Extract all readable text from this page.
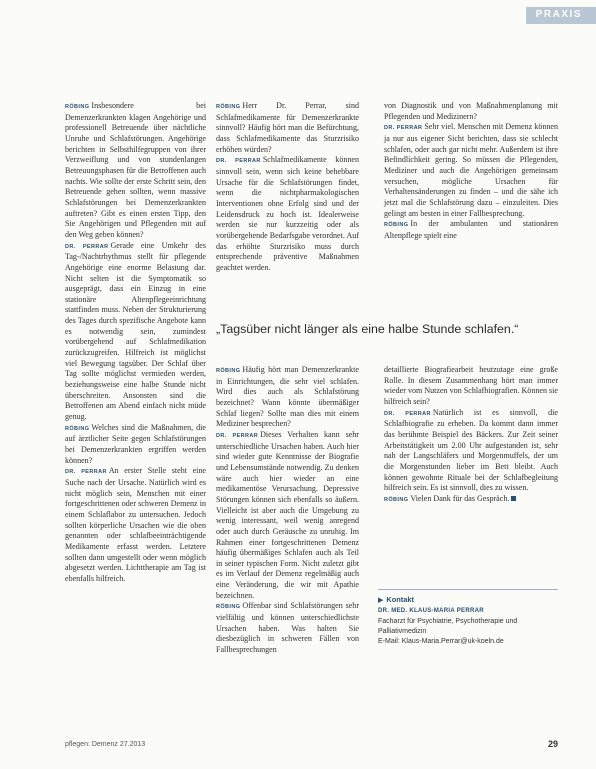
PRAXIS

RÖBING Insbesondere bei Demenzerkrankten klagen Angehörige und professionell Betreuende über nächtliche Unruhe und Schlafstörungen. Angehörige berichten in Selbsthilfegruppen von ihrer Verzweiflung und von stundenlangen Betreuungsphasen für die Betroffenen auch nachts. Wie sollte der erste Schritt sein, den Betreuende gehen sollten, wenn massive Schlafstörungen bei Demenzerkrankten auftreten? Gibt es einen ersten Tipp, den Sie Angehörigen und Pflegenden mit auf den Weg geben können?

DR. PERRAR Gerade eine Umkehr des Tag-/Nachtrhythmus stellt für pflegende Angehörige eine enorme Belastung dar. Nicht selten ist die Symptomatik so ausgeprägt, dass ein Einzug in eine stationäre Altenpflegeeinrichtung stattfinden muss. Neben der Strukturierung des Tages durch spezifische Angebote kann es notwendig sein, zumindest vorübergehend auf Schlafmedikation zurückzugreifen. Hilfreich ist möglichst viel Bewegung tagsüber. Der Schlaf über Tag sollte möglichst vermieden werden, beziehungsweise eine halbe Stunde nicht überschreiten. Ansonsten sind die Betroffenen am Abend einfach nicht müde genug.

RÖBING Welches sind die Maßnahmen, die auf ärztlicher Seite gegen Schlafstörungen bei Demenzerkrankten ergriffen werden können?

DR. PERRAR An erster Stelle steht eine Suche nach der Ursache. Natürlich wird es nicht möglich sein, Menschen mit einer fortgeschrittenen oder schweren Demenz in einem Schlaflabor zu untersuchen. Jedoch sollten körperliche Ursachen wie die oben genannten oder schlafbeeinträchtigende Medikamente erfasst werden. Letztere sollten dann umgestellt oder wenn möglich abgesetzt werden. Lichttherapie am Tag ist ebenfalls hilfreich.

RÖBING Herr Dr. Perrar, sind Schlafmedikamente für Demenzerkrankte sinnvoll? Häufig hört man die Befürchtung, dass Schlafmedikamente das Sturzrisiko erhöhen würden?

DR. PERRAR Schlafmedikamente können sinnvoll sein, wenn sich keine behebbare Ursache für die Schlafstörungen findet, wenn die nichtpharmakologischen Interventionen ohne Erfolg sind und der Leidensdruck zu hoch ist. Idealerweise werden sie nur kurzzeitig oder als vorübergehende Bedarfsgabe verordnet. Auf das erhöhte Sturzrisiko muss durch entsprechende präventive Maßnahmen geachtet werden.

von Diagnostik und von Maßnahmenplanung mit Pflegenden und Medizinern?

DR. PERRAR Sehr viel. Menschen mit Demenz können ja nur aus eigener Sicht berichten, dass sie schlecht schlafen, oder auch gar nicht mehr. Außerdem ist ihre Befindlichkeit gering. So müssen die Pflegenden, Mediziner und auch die Angehörigen gemeinsam versuchen, mögliche Ursachen für Verhaltensänderungen zu finden – und die sähe ich jetzt mal die Schlafstörung dazu – einzuleiten. Dies gelingt am besten in einer Fallbesprechung.

RÖBING In der ambulanten und stationären Altenpflege spielt eine

„Tagsüber nicht länger als eine halbe Stunde schlafen.“

RÖBING Häufig hört man Demenzerkrankte in Einrichtungen, die sehr viel schlafen. Wird dies auch als Schlafstörung bezeichnet? Wann könnte übermäßiger Schlaf liegen? Sollte man dies mit einem Mediziner besprechen?

DR. PERRAR Dieses Verhalten kann sehr unterschiedliche Ursachen haben. Auch hier sind wieder gute Kenntnisse der Biografie und Lebensumstände notwendig. Zu denken wäre auch hier wieder an eine medikamentöse Verursachung. Depressive Störungen können sich ebenfalls so äußern. Vielleicht ist aber auch die Umgebung zu wenig interessant, weil wenig anregend oder auch durch Geräusche zu unruhig. Im Rahmen einer fortgeschrittenen Demenz häufig übermäßiges Schlafen auch als Teil in seiner typischen Form. Nicht zuletzt gibt es im Verlauf der Demenz regelmäßig auch eine Veränderung, die wir mit Apathie bezeichnen.

RÖBING Offenbar sind Schlafstörungen sehr vielfältig und können unterschiedlichste Ursachen haben. Was halten Sie diesbezüglich in schweren Fällen von Fallbesprechungen

detaillierte Biografiearbeit heutzutage eine große Rolle. In diesem Zusammenhang hört man immer wieder vom Nutzen von Schlafbiografien. Können sie hilfreich sein?

DR. PERRAR Natürlich ist es sinnvoll, die Schlafbiografie zu erheben. Da kommt dann immer das berühmte Beispiel des Bäckers. Zur Zeit seiner Arbeitstätigkeit um 2.00 Uhr aufgestanden ist, sehr nah der Langschläfers und Morgenmuffels, der um die Morgenstunden lieber im Bett bleibt. Auch können gewohnte Rituale bei der Schlafbegleitung hilfreich sein. Es ist sinnvoll, dies zu wissen.

RÖBING Vielen Dank für das Gespräch.

▶ Kontakt
DR. MED. KLAUS-MARIA PERRAR
Facharzt für Psychiatrie, Psychotherapie und Palliativmedizin
E-Mail: Klaus-Maria.Perrar@uk-koeln.de
pflegen: Demenz 27.2013	29
